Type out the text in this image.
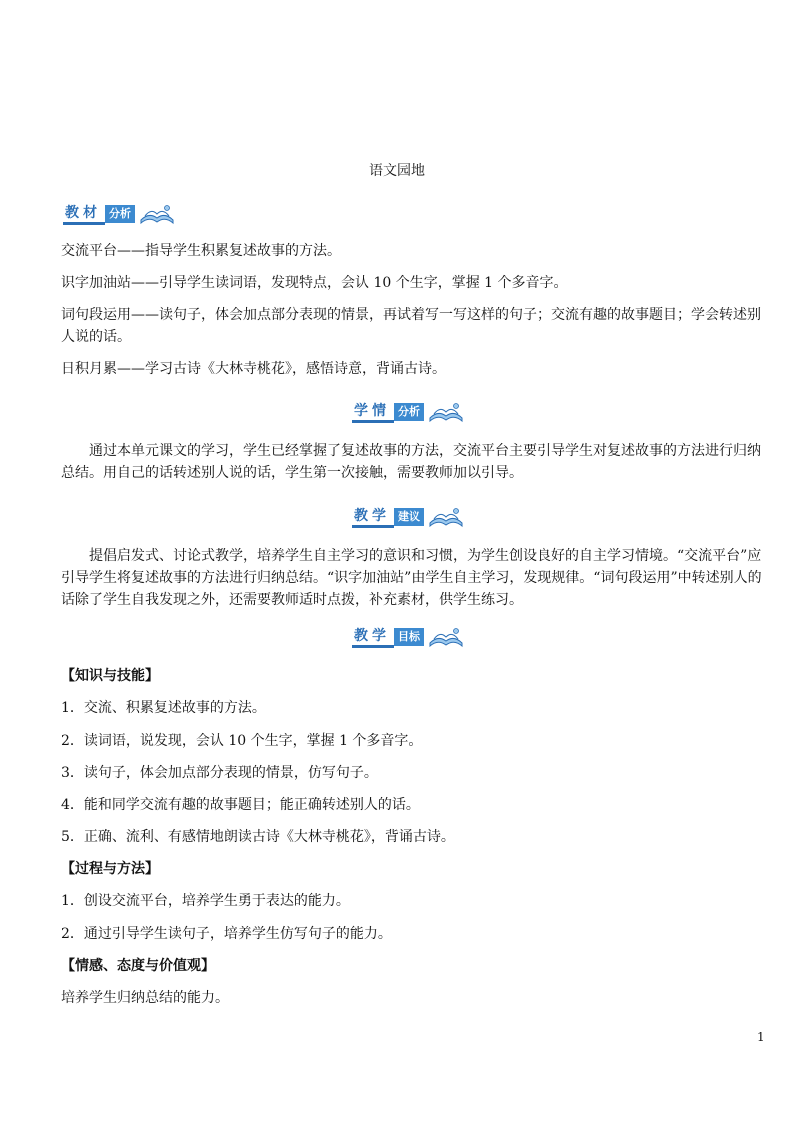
语文园地
教材 分析

交流平台——指导学生积累复述故事的方法。

识字加油站——引导学生读词语，发现特点，会认 10 个生字，掌握 1 个多音字。

词句段运用——读句子，体会加点部分表现的情景，再试着写一写这样的句子；交流有趣的故事题目；学会转述别人说的话。

日积月累——学习古诗《大林寺桃花》，感悟诗意，背诵古诗。

学情 分析

通过本单元课文的学习，学生已经掌握了复述故事的方法，交流平台主要引导学生对复述故事的方法进行归纳总结。用自己的话转述别人说的话，学生第一次接触，需要教师加以引导。

教学 建议

提倡启发式、讨论式教学，培养学生自主学习的意识和习惯，为学生创设良好的自主学习情境。“交流平台”应引导学生将复述故事的方法进行归纳总结。“识字加油站”由学生自主学习，发现规律。“词句段运用”中转述别人的话除了学生自我发现之外，还需要教师适时点拨，补充素材，供学生练习。

教学 目标

【知识与技能】

1．交流、积累复述故事的方法。

2．读词语，说发现，会认 10 个生字，掌握 1 个多音字。

3．读句子，体会加点部分表现的情景，仿写句子。

4．能和同学交流有趣的故事题目；能正确转述别人的话。

5．正确、流利、有感情地朗读古诗《大林寺桃花》，背诵古诗。

【过程与方法】

1．创设交流平台，培养学生勇于表达的能力。

2．通过引导学生读句子，培养学生仿写句子的能力。

【情感、态度与价值观】

培养学生归纳总结的能力。

1
